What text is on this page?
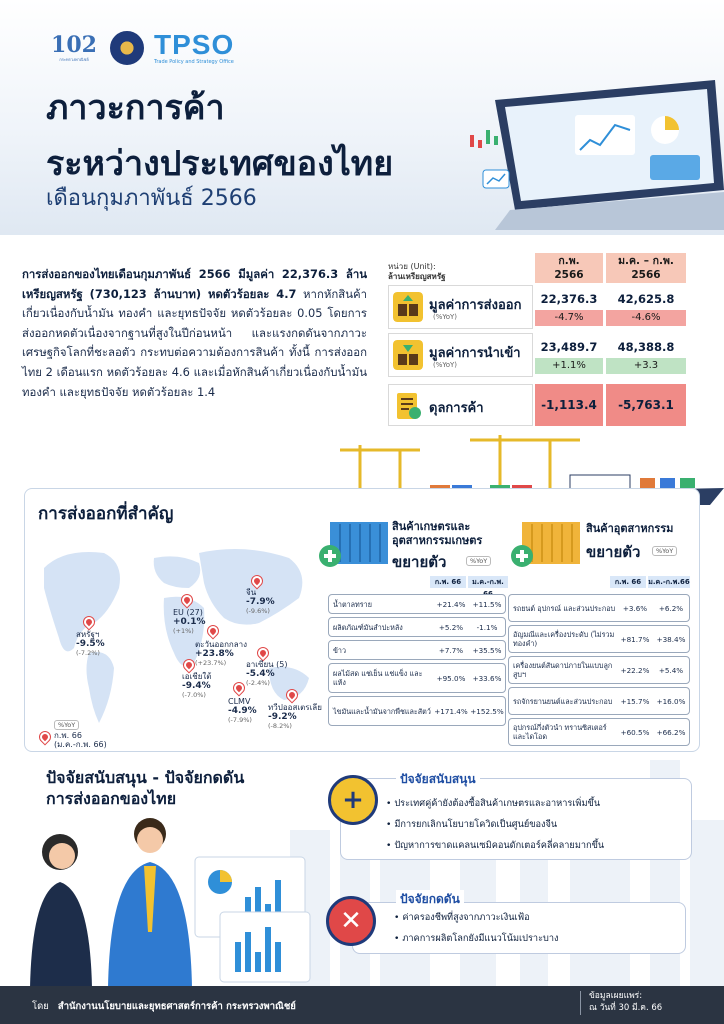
102
กระทรวงพาณิชย์ TPSO
Trade Policy and Strategy Office
ภาวะการค้า
ระหว่างประเทศของไทย
เดือนกุมภาพันธ์ 2566
การส่งออกของไทยเดือนกุมภาพันธ์ 2566 มีมูลค่า 22,376.3 ล้านเหรียญสหรัฐ (730,123 ล้านบาท) หดตัวร้อยละ 4.7 หากหักสินค้าเกี่ยวเนื่องกับน้ำมัน ทองคำ และยุทธปัจจัย หดตัวร้อยละ 0.05 โดยการส่งออกหดตัวเนื่องจากฐานที่สูงในปีก่อนหน้า และแรงกดดันจากภาวะเศรษฐกิจโลกที่ชะลอตัว กระทบต่อความต้องการสินค้า ทั้งนี้ การส่งออกไทย 2 เดือนแรก หดตัวร้อยละ 4.6 และเมื่อหักสินค้าเกี่ยวเนื่องกับน้ำมัน ทองคำ และยุทธปัจจัย หดตัวร้อยละ 1.4
หน่วย (Unit):
ล้านเหรียญสหรัฐ
ก.พ.
2566
ม.ค. – ก.พ.
2566
มูลค่าการส่งออก
(%YoY)
22,376.3	42,625.8
-4.7%	-4.6%
มูลค่าการนำเข้า
(%YoY)
23,489.7	48,388.8
+1.1%	+3.3
ดุลการค้า	-1,113.4	-5,763.1
การส่งออกที่สำคัญ
จีน
-7.9%
(-9.6%)
EU (27)
+0.1%
(+1%)
ตะวันออกกลาง
+23.8%
(+23.7%)
สหรัฐฯ
-9.5%
(-7.2%)
เอเชียใต้
-9.4%
(-7.0%)
อาเซียน (5)
-5.4%
(-2.4%)
CLMV
-4.9%
(-7.9%)
ทวีปออสเตรเลีย
-9.2%
(-8.2%)
%YoY
ก.พ. 66
(ม.ค.-ก.พ. 66)
สินค้าเกษตรและ
อุตสาหกรรมเกษตร
ขยายตัว	%YoY
ก.พ. 66	ม.ค.-ก.พ.
น้ำตาลทราย	+21.4% +11.5%
ผลิตภัณฑ์มันสำปะหลัง	+5.2%	-1.1%
ข้าว	+7.7%	+35.5%
ผลไม้สด แช่เย็น แช่แข็ง และแห้ง	+95.0% +33.6%
ไขมันและน้ำมันจากพืชและสัตว์ +171.4% +152.5%
สินค้าอุตสาหกรรม
ขยายตัว	%YoY
ก.พ. 66	ม.ค.-ก.พ.66
รถยนต์ อุปกรณ์ และส่วนประกอบ	+3.6%	+6.2%
อัญมณีและเครื่องประดับ (ไม่รวมทองคำ)	+81.7% +38.4%
เครื่องยนต์สันดาปภายในแบบลูกสูบฯ	+22.2%	+5.4%
รถจักรยานยนต์และส่วนประกอบ	+15.7% +16.0%
อุปกรณ์กึ่งตัวนำ ทรานซิสเตอร์ และไดโอด	+60.5% +66.2%
ปัจจัยสนับสนุน - ปัจจัยกดดัน
การส่งออกของไทย	+
ปัจจัยสนับสนุน
• ประเทศคู่ค้ายังต้องซื้อสินค้าเกษตรและอาหารเพิ่มขึ้น
• มีการยกเลิกนโยบายโควิดเป็นศูนย์ของจีน
• ปัญหาการขาดแคลนเซมิคอนดักเตอร์คลี่คลายมากขึ้น
✕
ปัจจัยกดดัน
• ค่าครองชีพที่สูงจากภาวะเงินเฟ้อ
• ภาคการผลิตโลกยังมีแนวโน้มเปราะบาง
โดย สำนักงานนโยบายและยุทธศาสตร์การค้า กระทรวงพาณิชย์
ข้อมูลเผยแพร่:
ณ วันที่ 30 มี.ค. 66
